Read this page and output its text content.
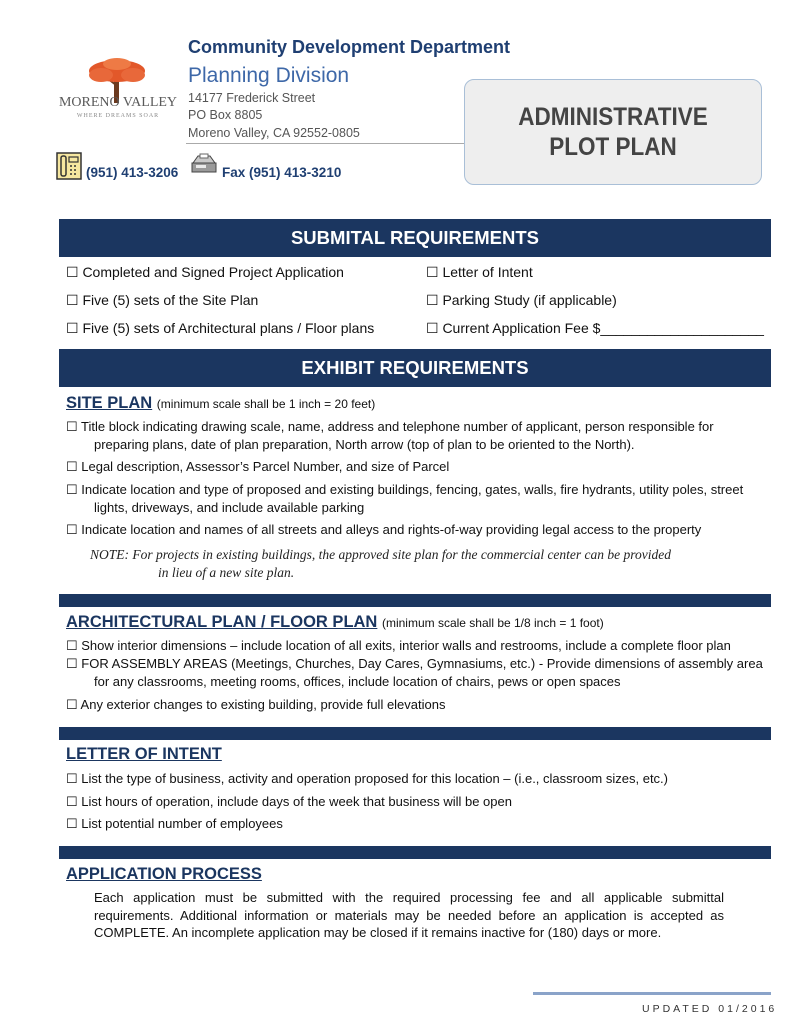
MORENO VALLEY
WHERE DREAMS SOAR
Community Development Department
Planning Division
14177 Frederick Street
PO Box 8805
Moreno Valley, CA 92552-0805
(951) 413-3206	Fax (951) 413-3210
ADMINISTRATIVE
PLOT PLAN
SUBMITAL REQUIREMENTS
☐ Completed and Signed Project Application
☐ Five (5) sets of the Site Plan
☐ Five (5) sets of Architectural plans / Floor plans
☐ Letter of Intent
☐ Parking Study (if applicable)
☐ Current Application Fee $_____________________
EXHIBIT REQUIREMENTS
SITE PLAN (minimum scale shall be 1 inch = 20 feet)
☐ Title block indicating drawing scale, name, address and telephone number of applicant, person responsible for
preparing plans, date of plan preparation, North arrow (top of plan to be oriented to the North).
☐ Legal description, Assessor’s Parcel Number, and size of Parcel
☐ Indicate location and type of proposed and existing buildings, fencing, gates, walls, fire hydrants, utility poles, street
lights, driveways, and include available parking
☐ Indicate location and names of all streets and alleys and rights-of-way providing legal access to the property
NOTE: For projects in existing buildings, the approved site plan for the commercial center can be provided
in lieu of a new site plan.
ARCHITECTURAL PLAN / FLOOR PLAN (minimum scale shall be 1/8 inch = 1 foot)
☐ Show interior dimensions – include location of all exits, interior walls and restrooms, include a complete floor plan
☐ FOR ASSEMBLY AREAS (Meetings, Churches, Day Cares, Gymnasiums, etc.) - Provide dimensions of assembly area
for any classrooms, meeting rooms, offices, include location of chairs, pews or open spaces
☐ Any exterior changes to existing building, provide full elevations
LETTER OF INTENT
☐ List the type of business, activity and operation proposed for this location – (i.e., classroom sizes, etc.)
☐ List hours of operation, include days of the week that business will be open
☐ List potential number of employees
APPLICATION PROCESS
Each application must be submitted with the required processing fee and all applicable submittal requirements. Additional information or materials may be needed before an application is accepted as COMPLETE. An incomplete application may be closed if it remains inactive for (180) days or more.
UPDATED 01/2016
